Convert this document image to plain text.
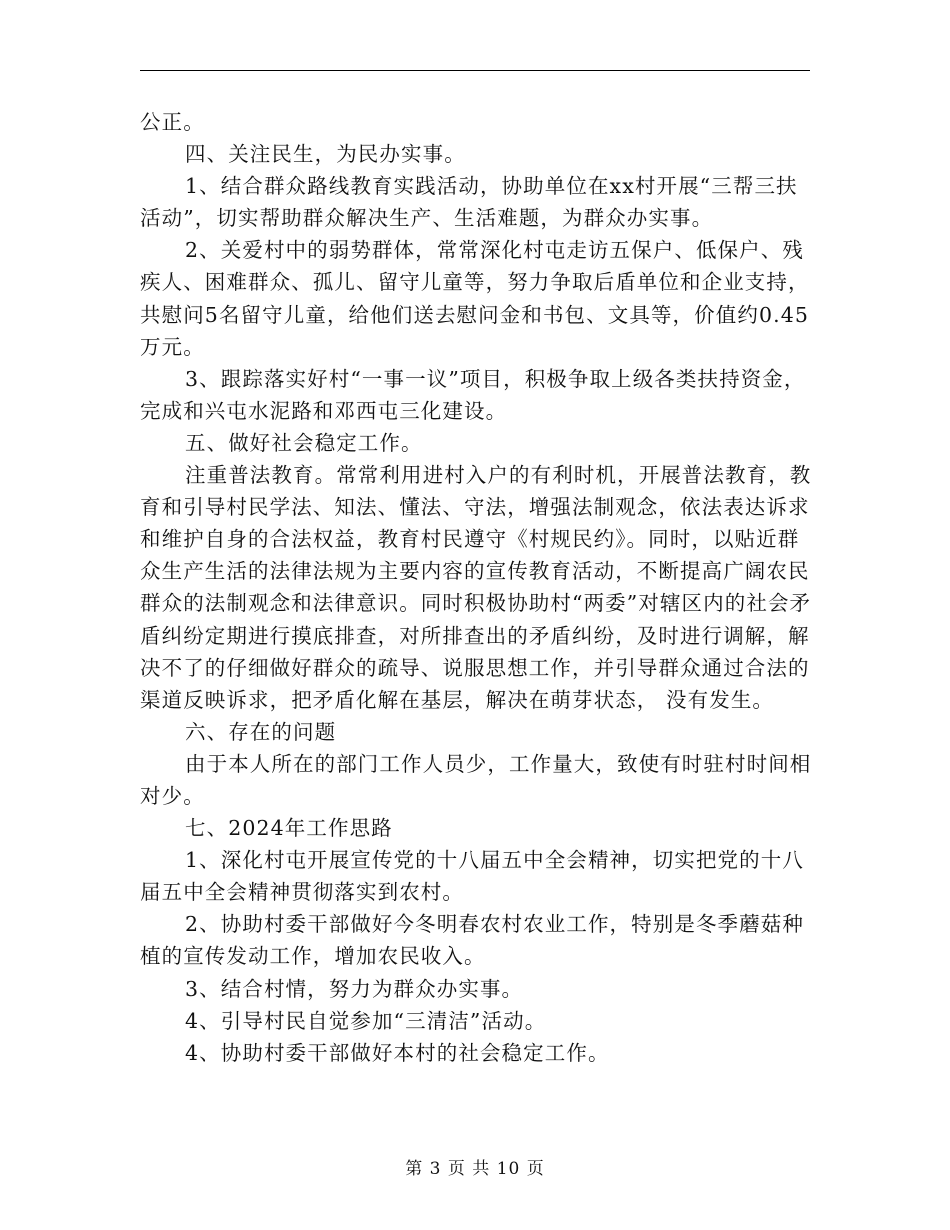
公正。

四、关注民生，为民办实事。

1、结合群众路线教育实践活动，协助单位在xx村开展“三帮三扶活动”，切实帮助群众解决生产、生活难题，为群众办实事。

2、关爱村中的弱势群体，常常深化村屯走访五保户、低保户、残疾人、困难群众、孤儿、留守儿童等，努力争取后盾单位和企业支持，共慰问5名留守儿童，给他们送去慰问金和书包、文具等，价值约0.45万元。

3、跟踪落实好村“一事一议”项目，积极争取上级各类扶持资金，完成和兴屯水泥路和邓西屯三化建设。

五、做好社会稳定工作。

注重普法教育。常常利用进村入户的有利时机，开展普法教育，教育和引导村民学法、知法、懂法、守法，增强法制观念，依法表达诉求和维护自身的合法权益，教育村民遵守《村规民约》。同时，以贴近群众生产生活的法律法规为主要内容的宣传教育活动，不断提高广阔农民群众的法制观念和法律意识。同时积极协助村“两委”对辖区内的社会矛盾纠纷定期进行摸底排查，对所排查出的矛盾纠纷，及时进行调解，解决不了的仔细做好群众的疏导、说服思想工作，并引导群众通过合法的渠道反映诉求，把矛盾化解在基层，解决在萌芽状态， 没有发生。

六、存在的问题

由于本人所在的部门工作人员少，工作量大，致使有时驻村时间相对少。

七、2024年工作思路

1、深化村屯开展宣传党的十八届五中全会精神，切实把党的十八届五中全会精神贯彻落实到农村。

2、协助村委干部做好今冬明春农村农业工作，特别是冬季蘑菇种植的宣传发动工作，增加农民收入。

3、结合村情，努力为群众办实事。

4、引导村民自觉参加“三清洁”活动。

4、协助村委干部做好本村的社会稳定工作。

第 3 页 共 10 页
